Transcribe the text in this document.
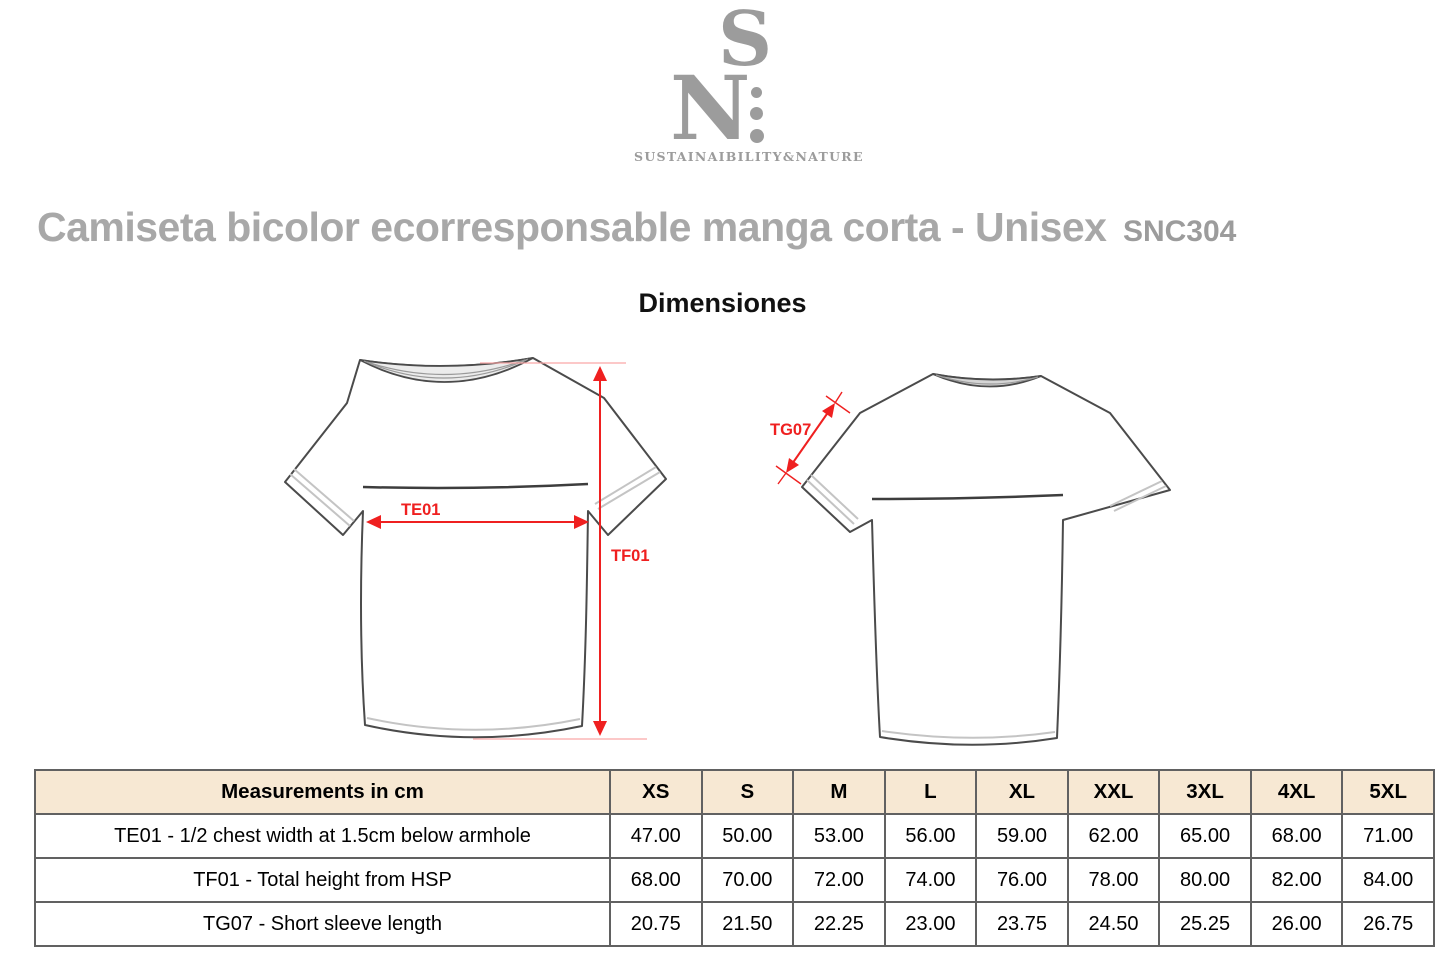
S
N
SUSTAINAIBILITY&NATURE
Camiseta bicolor ecorresponsable manga corta - Unisex SNC304
Dimensiones
TE01
TF01
TG07
Measurements in cm	XS	S	M	L	XL	XXL	3XL	4XL	5XL
TE01 - 1/2 chest width at 1.5cm below armhole	47.00	50.00	53.00	56.00	59.00	62.00	65.00	68.00	71.00
TF01 - Total height from HSP	68.00	70.00	72.00	74.00	76.00	78.00	80.00	82.00	84.00
TG07 - Short sleeve length	20.75	21.50	22.25	23.00	23.75	24.50	25.25	26.00	26.75
